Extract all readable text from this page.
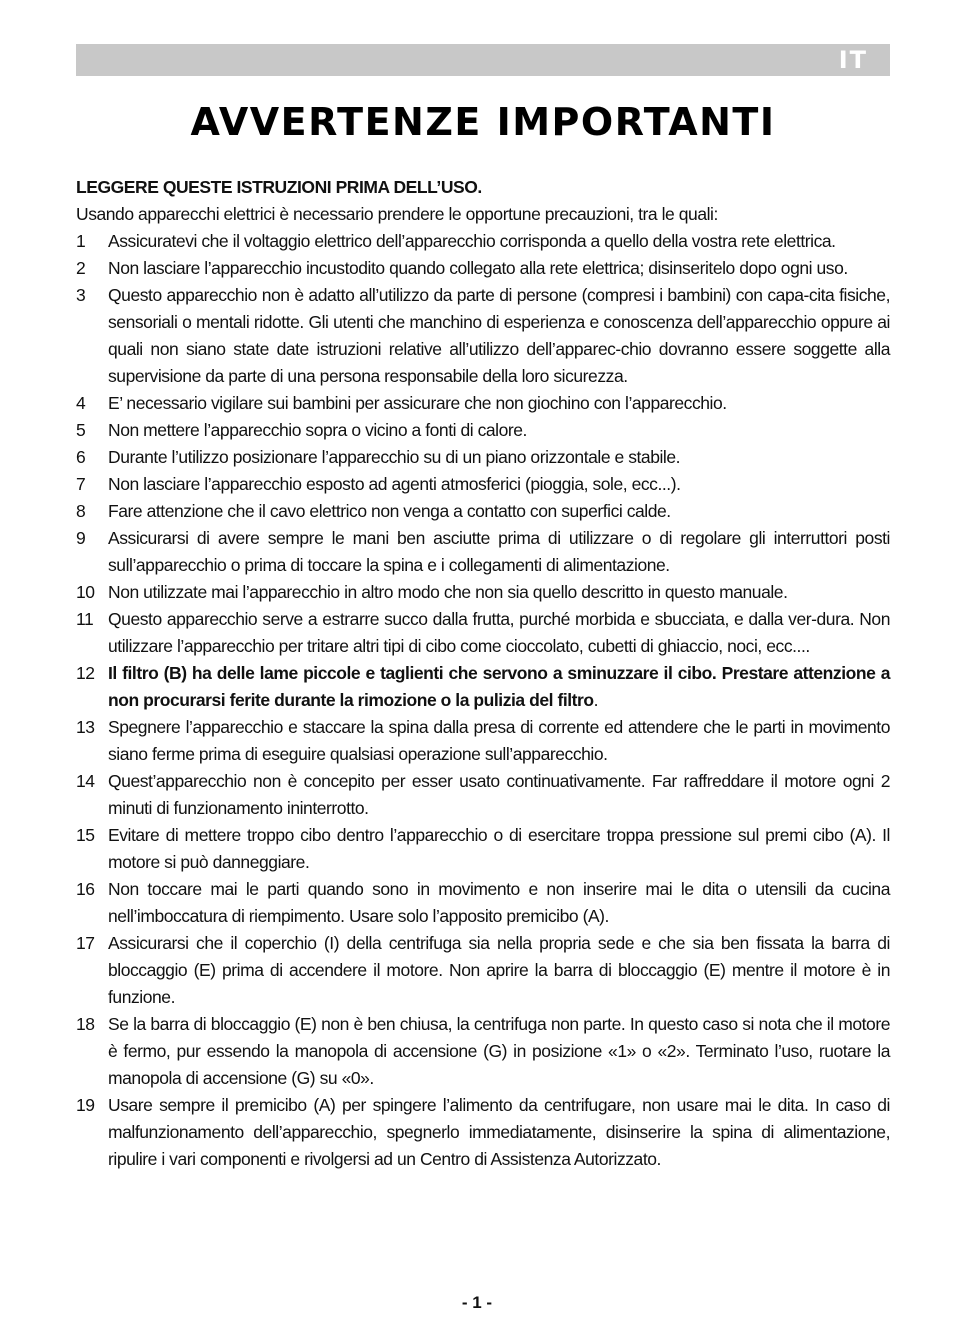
IT
AVVERTENZE IMPORTANTI

LEGGERE QUESTE ISTRUZIONI PRIMA DELL’USO.

Usando apparecchi elettrici è necessario prendere le opportune precauzioni, tra le quali:

1	Assicuratevi che il voltaggio elettrico dell’apparecchio corrisponda a quello della vostra rete elettrica.
2	Non lasciare l’apparecchio incustodito quando collegato alla rete elettrica; disinseritelo dopo ogni uso.
3	Questo apparecchio non è adatto all’utilizzo da parte di persone (compresi i bambini) con capa-cita fisiche, sensoriali o mentali ridotte. Gli utenti che manchino di esperienza e conoscenza dell’apparecchio oppure ai quali non siano state date istruzioni relative all’utilizzo dell’apparec-chio dovranno essere soggette alla supervisione da parte di una persona responsabile della loro sicurezza.
4	E’ necessario vigilare sui bambini per assicurare che non giochino con l’apparecchio.
5	Non mettere l’apparecchio sopra o vicino a fonti di calore.
6	Durante l’utilizzo posizionare l’apparecchio su di un piano orizzontale e stabile.
7	Non lasciare l’apparecchio esposto ad agenti atmosferici (pioggia, sole, ecc...).
8	Fare attenzione che il cavo elettrico non venga a contatto con superfici calde.
9	Assicurarsi di avere sempre le mani ben asciutte prima di utilizzare o di regolare gli interruttori posti sull’apparecchio o prima di toccare la spina e i collegamenti di alimentazione.
10 Non utilizzate mai l’apparecchio in altro modo che non sia quello descritto in questo manuale.
11 Questo apparecchio serve a estrarre succo dalla frutta, purché morbida e sbucciata, e dalla ver-dura. Non utilizzare l’apparecchio per tritare altri tipi di cibo come cioccolato, cubetti di ghiaccio, noci, ecc....
12 Il filtro (B) ha delle lame piccole e taglienti che servono a sminuzzare il cibo. Prestare attenzione a non procurarsi ferite durante la rimozione o la pulizia del filtro.
13 Spegnere l’apparecchio e staccare la spina dalla presa di corrente ed attendere che le parti in movimento siano ferme prima di eseguire qualsiasi operazione sull’apparecchio.
14 Quest’apparecchio non è concepito per esser usato continuativamente. Far raffreddare il motore ogni 2 minuti di funzionamento ininterrotto.
15 Evitare di mettere troppo cibo dentro l’apparecchio o di esercitare troppa pressione sul premi cibo (A). Il motore si può danneggiare.
16 Non toccare mai le parti quando sono in movimento e non inserire mai le dita o utensili da cucina nell’imboccatura di riempimento. Usare solo l’apposito premicibo (A).
17 Assicurarsi che il coperchio (I) della centrifuga sia nella propria sede e che sia ben fissata la barra di bloccaggio (E) prima di accendere il motore. Non aprire la barra di bloccaggio (E) mentre il motore è in funzione.
18 Se la barra di bloccaggio (E) non è ben chiusa, la centrifuga non parte. In questo caso si nota che il motore è fermo, pur essendo la manopola di accensione (G) in posizione «1» o «2». Terminato l’uso, ruotare la manopola di accensione (G) su «0».
19 Usare sempre il premicibo (A) per spingere l’alimento da centrifugare, non usare mai le dita. In caso di malfunzionamento dell’apparecchio, spegnerlo immediatamente, disinserire la spina di alimentazione, ripulire i vari componenti e rivolgersi ad un Centro di Assistenza Autorizzato.
- 1 -
